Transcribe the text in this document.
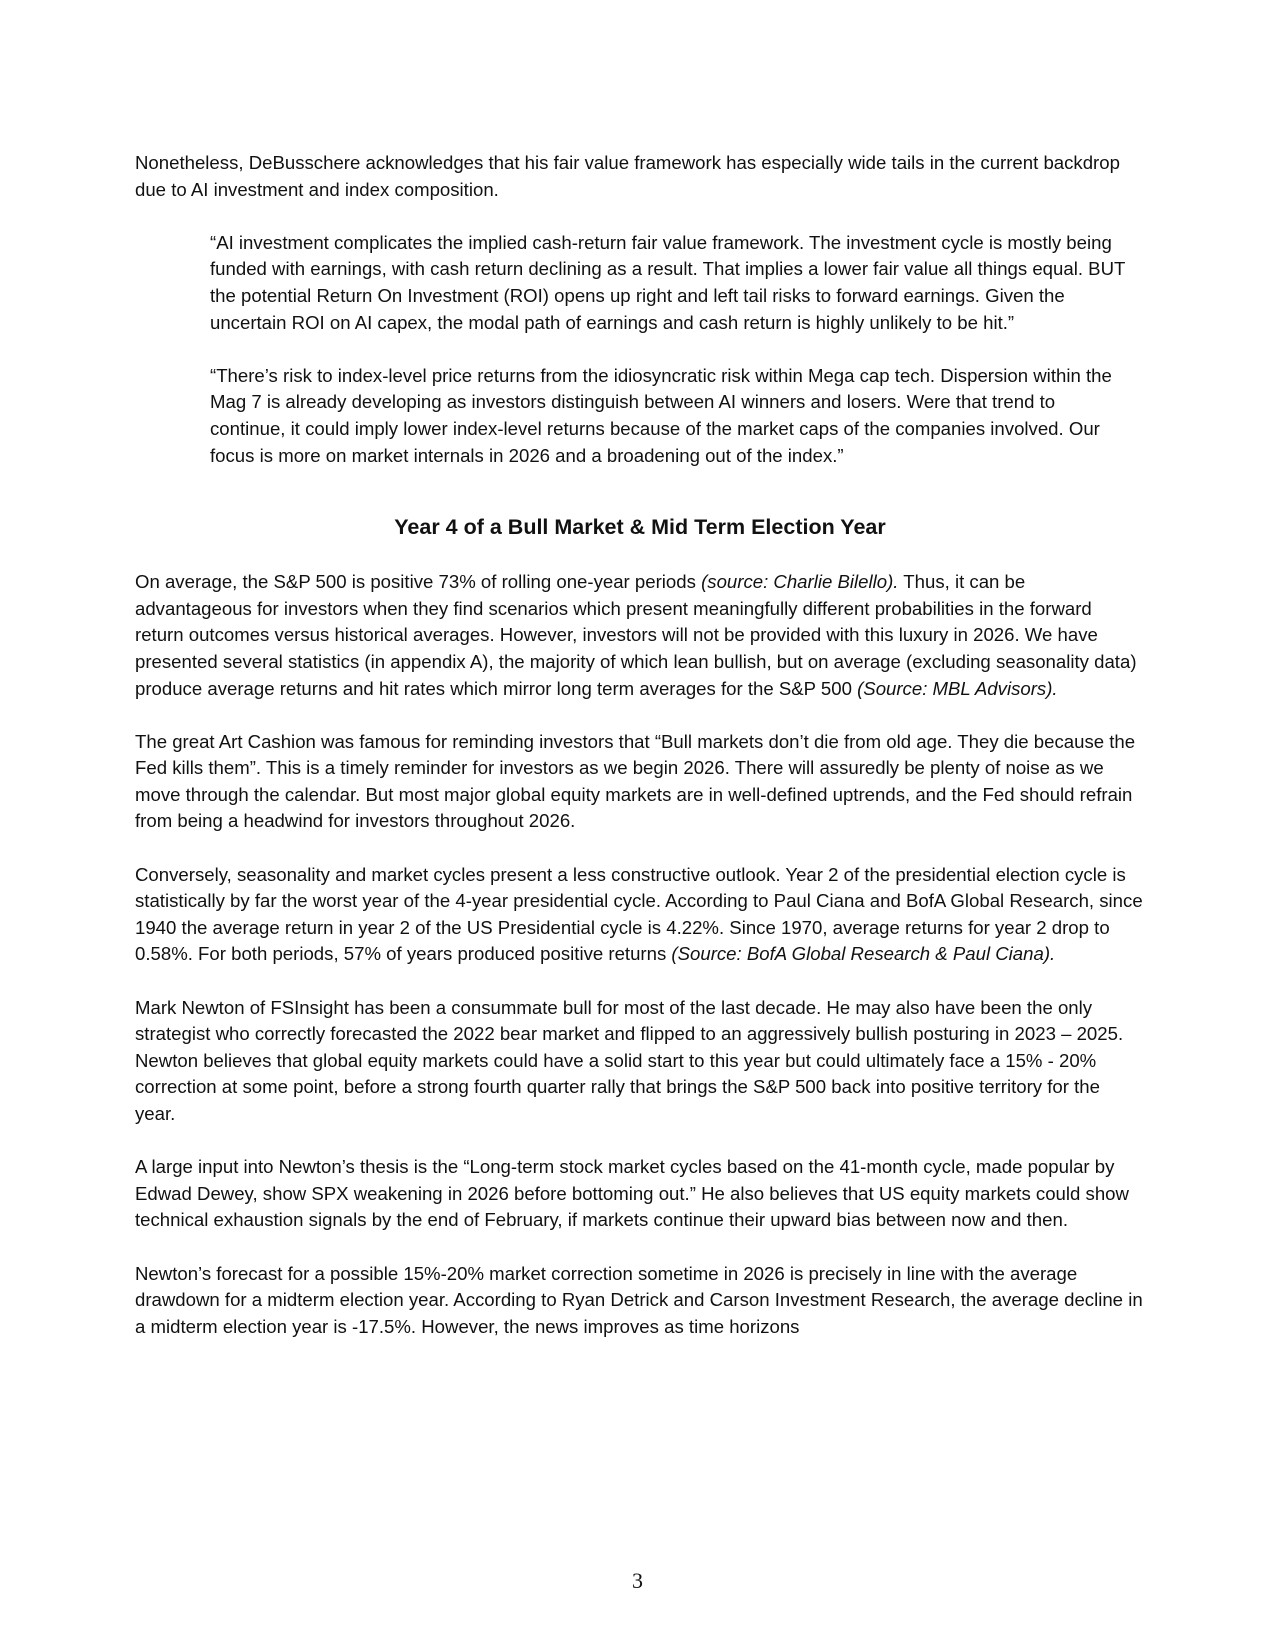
Nonetheless, DeBusschere acknowledges that his fair value framework has especially wide tails in the current backdrop due to AI investment and index composition.

“AI investment complicates the implied cash-return fair value framework. The investment cycle is mostly being funded with earnings, with cash return declining as a result. That implies a lower fair value all things equal. BUT the potential Return On Investment (ROI) opens up right and left tail risks to forward earnings. Given the uncertain ROI on AI capex, the modal path of earnings and cash return is highly unlikely to be hit.”

“There’s risk to index-level price returns from the idiosyncratic risk within Mega cap tech. Dispersion within the Mag 7 is already developing as investors distinguish between AI winners and losers. Were that trend to continue, it could imply lower index-level returns because of the market caps of the companies involved. Our focus is more on market internals in 2026 and a broadening out of the index.”

Year 4 of a Bull Market & Mid Term Election Year

On average, the S&P 500 is positive 73% of rolling one-year periods (source: Charlie Bilello). Thus, it can be advantageous for investors when they find scenarios which present meaningfully different probabilities in the forward return outcomes versus historical averages. However, investors will not be provided with this luxury in 2026. We have presented several statistics (in appendix A), the majority of which lean bullish, but on average (excluding seasonality data) produce average returns and hit rates which mirror long term averages for the S&P 500 (Source: MBL Advisors).

The great Art Cashion was famous for reminding investors that “Bull markets don’t die from old age. They die because the Fed kills them”. This is a timely reminder for investors as we begin 2026. There will assuredly be plenty of noise as we move through the calendar. But most major global equity markets are in well-defined uptrends, and the Fed should refrain from being a headwind for investors throughout 2026.

Conversely, seasonality and market cycles present a less constructive outlook. Year 2 of the presidential election cycle is statistically by far the worst year of the 4-year presidential cycle. According to Paul Ciana and BofA Global Research, since 1940 the average return in year 2 of the US Presidential cycle is 4.22%. Since 1970, average returns for year 2 drop to 0.58%. For both periods, 57% of years produced positive returns (Source: BofA Global Research & Paul Ciana).

Mark Newton of FSInsight has been a consummate bull for most of the last decade. He may also have been the only strategist who correctly forecasted the 2022 bear market and flipped to an aggressively bullish posturing in 2023 – 2025. Newton believes that global equity markets could have a solid start to this year but could ultimately face a 15% - 20% correction at some point, before a strong fourth quarter rally that brings the S&P 500 back into positive territory for the year.

A large input into Newton’s thesis is the “Long-term stock market cycles based on the 41-month cycle, made popular by Edwad Dewey, show SPX weakening in 2026 before bottoming out.” He also believes that US equity markets could show technical exhaustion signals by the end of February, if markets continue their upward bias between now and then.

Newton’s forecast for a possible 15%-20% market correction sometime in 2026 is precisely in line with the average drawdown for a midterm election year. According to Ryan Detrick and Carson Investment Research, the average decline in a midterm election year is -17.5%. However, the news improves as time horizons

3
